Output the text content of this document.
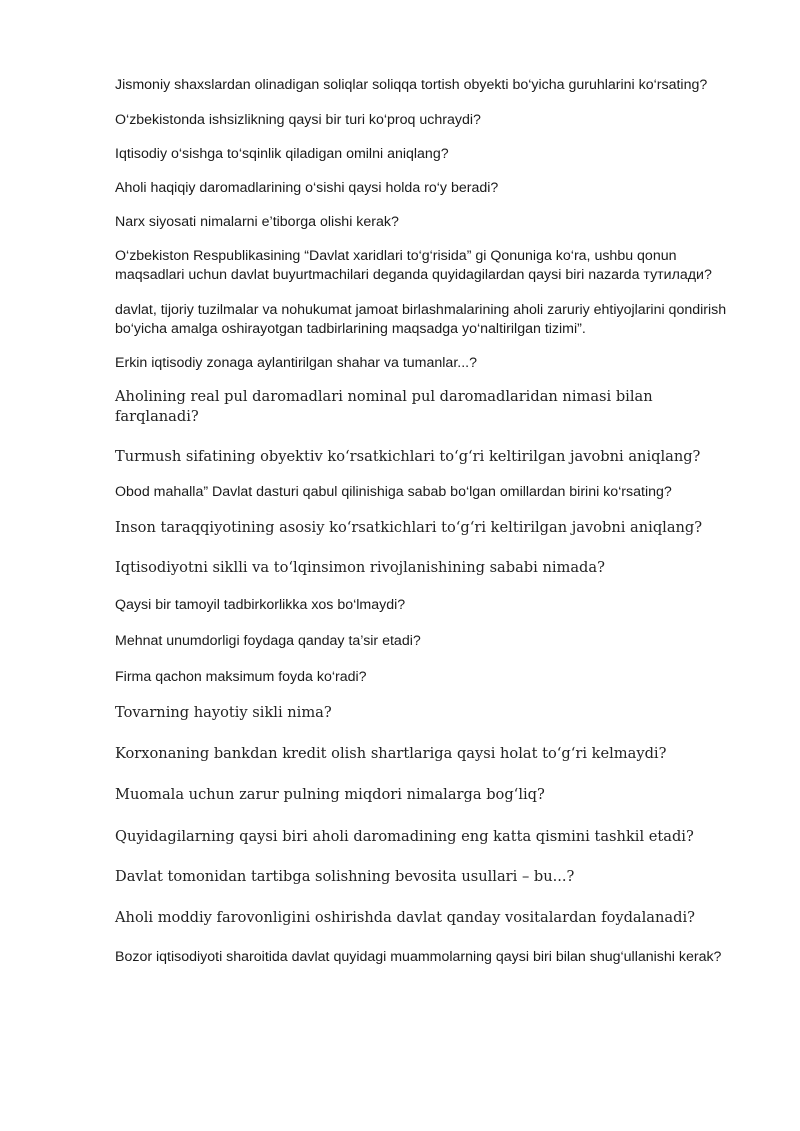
Jismoniy shaxslardan olinadigan soliqlar soliqqa tortish obyekti bo‘yicha guruhlarini ko‘rsating?

O‘zbekistonda ishsizlikning qaysi bir turi ko‘proq uchraydi?

Iqtisodiy o‘sishga to‘sqinlik qiladigan omilni aniqlang?

Aholi haqiqiy daromadlarining o‘sishi qaysi holda ro‘y beradi?

Narx siyosati nimalarni e’tiborga olishi kerak?

O‘zbekiston Respublikasining “Davlat xaridlari to‘g‘risida” gi Qonuniga ko‘ra, ushbu qonun maqsadlari uchun davlat buyurtmachilari deganda quyidagilardan qaysi biri nazarda тутилади?

davlat, tijoriy tuzilmalar va nohukumat jamoat birlashmalarining aholi zaruriy ehtiyojlarini qondirish bo‘yicha amalga oshirayotgan tadbirlarining maqsadga yo‘naltirilgan tizimi”.

Erkin iqtisodiy zonaga aylantirilgan shahar va tumanlar...?

Aholining real pul daromadlari nominal pul daromadlaridan nimasi bilan farqlanadi?

Turmush sifatining obyektiv ko‘rsatkichlari to‘g‘ri keltirilgan javobni aniqlang?

Obod mahalla” Davlat dasturi qabul qilinishiga sabab bo‘lgan omillardan birini ko‘rsating?

Inson taraqqiyotining asosiy ko‘rsatkichlari to‘g‘ri keltirilgan javobni aniqlang?

Iqtisodiyotni siklli va to‘lqinsimon rivojlanishining sababi nimada?

Qaysi bir tamoyil tadbirkorlikka xos bo‘lmaydi?

Mehnat unumdorligi foydaga qanday ta’sir etadi?

Firma qachon maksimum foyda ko‘radi?

Tovarning hayotiy sikli nima?

Korxonaning bankdan kredit olish shartlariga qaysi holat to‘g‘ri kelmaydi?

Muomala uchun zarur pulning miqdori nimalarga bog‘liq?

Quyidagilarning qaysi biri aholi daromadining eng katta qismini tashkil etadi?

Davlat tomonidan tartibga solishning bevosita usullari – bu...?

Aholi moddiy farovonligini oshirishda davlat qanday vositalardan foydalanadi?

Bozor iqtisodiyoti sharoitida davlat quyidagi muammolarning qaysi biri bilan shug‘ullanishi kerak?
